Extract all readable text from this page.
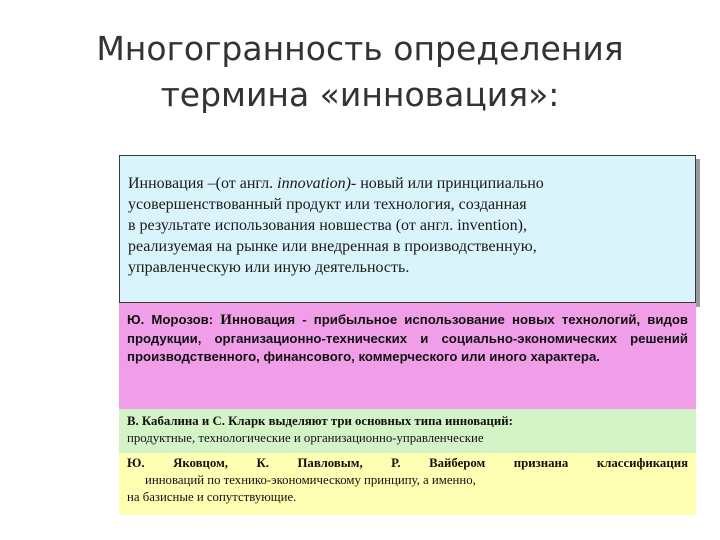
Многогранность определения
термина «инновация»:
Инновация –(от англ. innovation)- новый или принципиально
усовершенствованный продукт или технология, созданная
в результате использования новшества (от англ. invention),
реализуемая на рынке или внедренная в производственную,
управленческую или иную деятельность.
Ю. Морозов: Инновация - прибыльное использование новых технологий, видов продукции, организационно-технических и социально-экономических решений производственного, финансового, коммерческого или иного характера.
В. Кабалина и С. Кларк выделяют три основных типа инноваций:
продуктные, технологические и организационно-управленческие
Ю. Яковцом, К. Павловым, Р. Вайбером признана классификация
инноваций по технико-экономическому принципу, а именно,
на базисные и сопутствующие.
